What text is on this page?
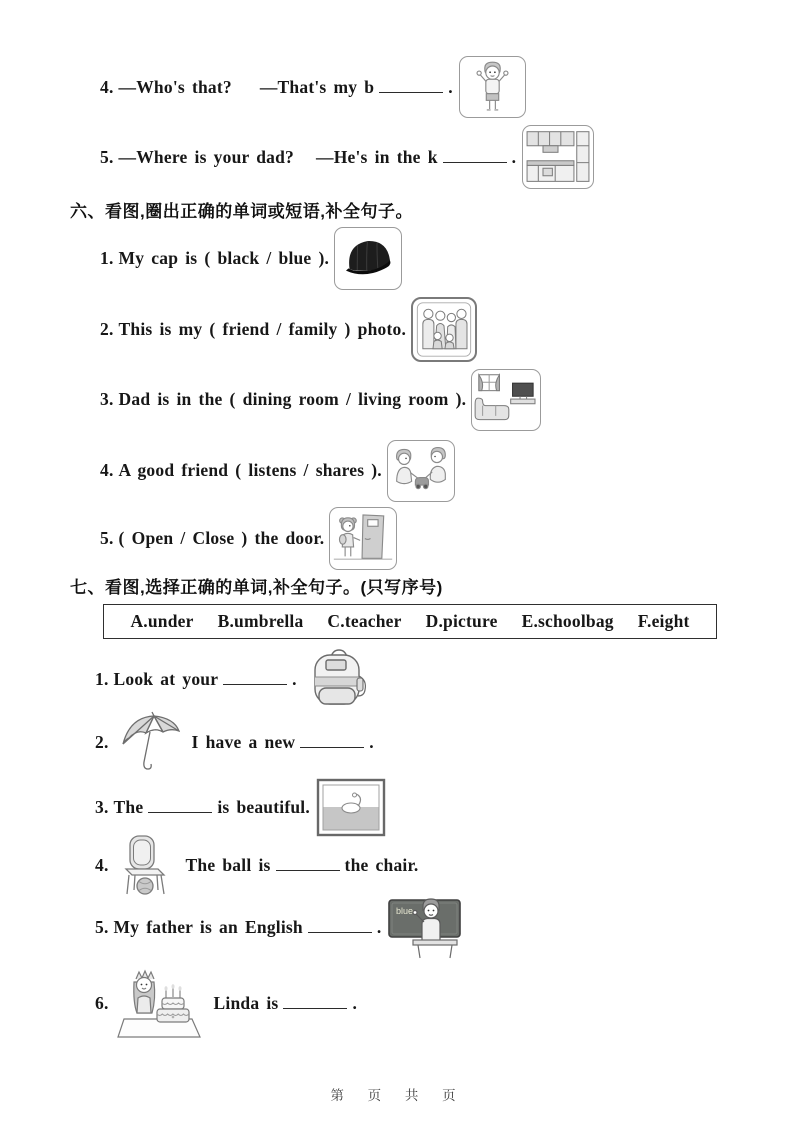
4. —Who's that? —That's my b	.
5. —Where is your dad? —He's in the k	.
六、看图,圈出正确的单词或短语,补全句子。
1. My cap is ( black / blue ).
2. This is my ( friend / family ) photo.
3. Dad is in the ( dining room / living room ).
4. A good friend ( listens / shares ).
5. ( Open / Close ) the door.
七、看图,选择正确的单词,补全句子。(只写序号)
A.under B.umbrella C.teacher D.picture E.schoolbag F.eight
1. Look at your	.
2.	I have a new	.
3. The	is beautiful.
4.	The ball is	the chair.
5. My father is an English	.
blue
6.	Linda is	.
第 页 共 页
